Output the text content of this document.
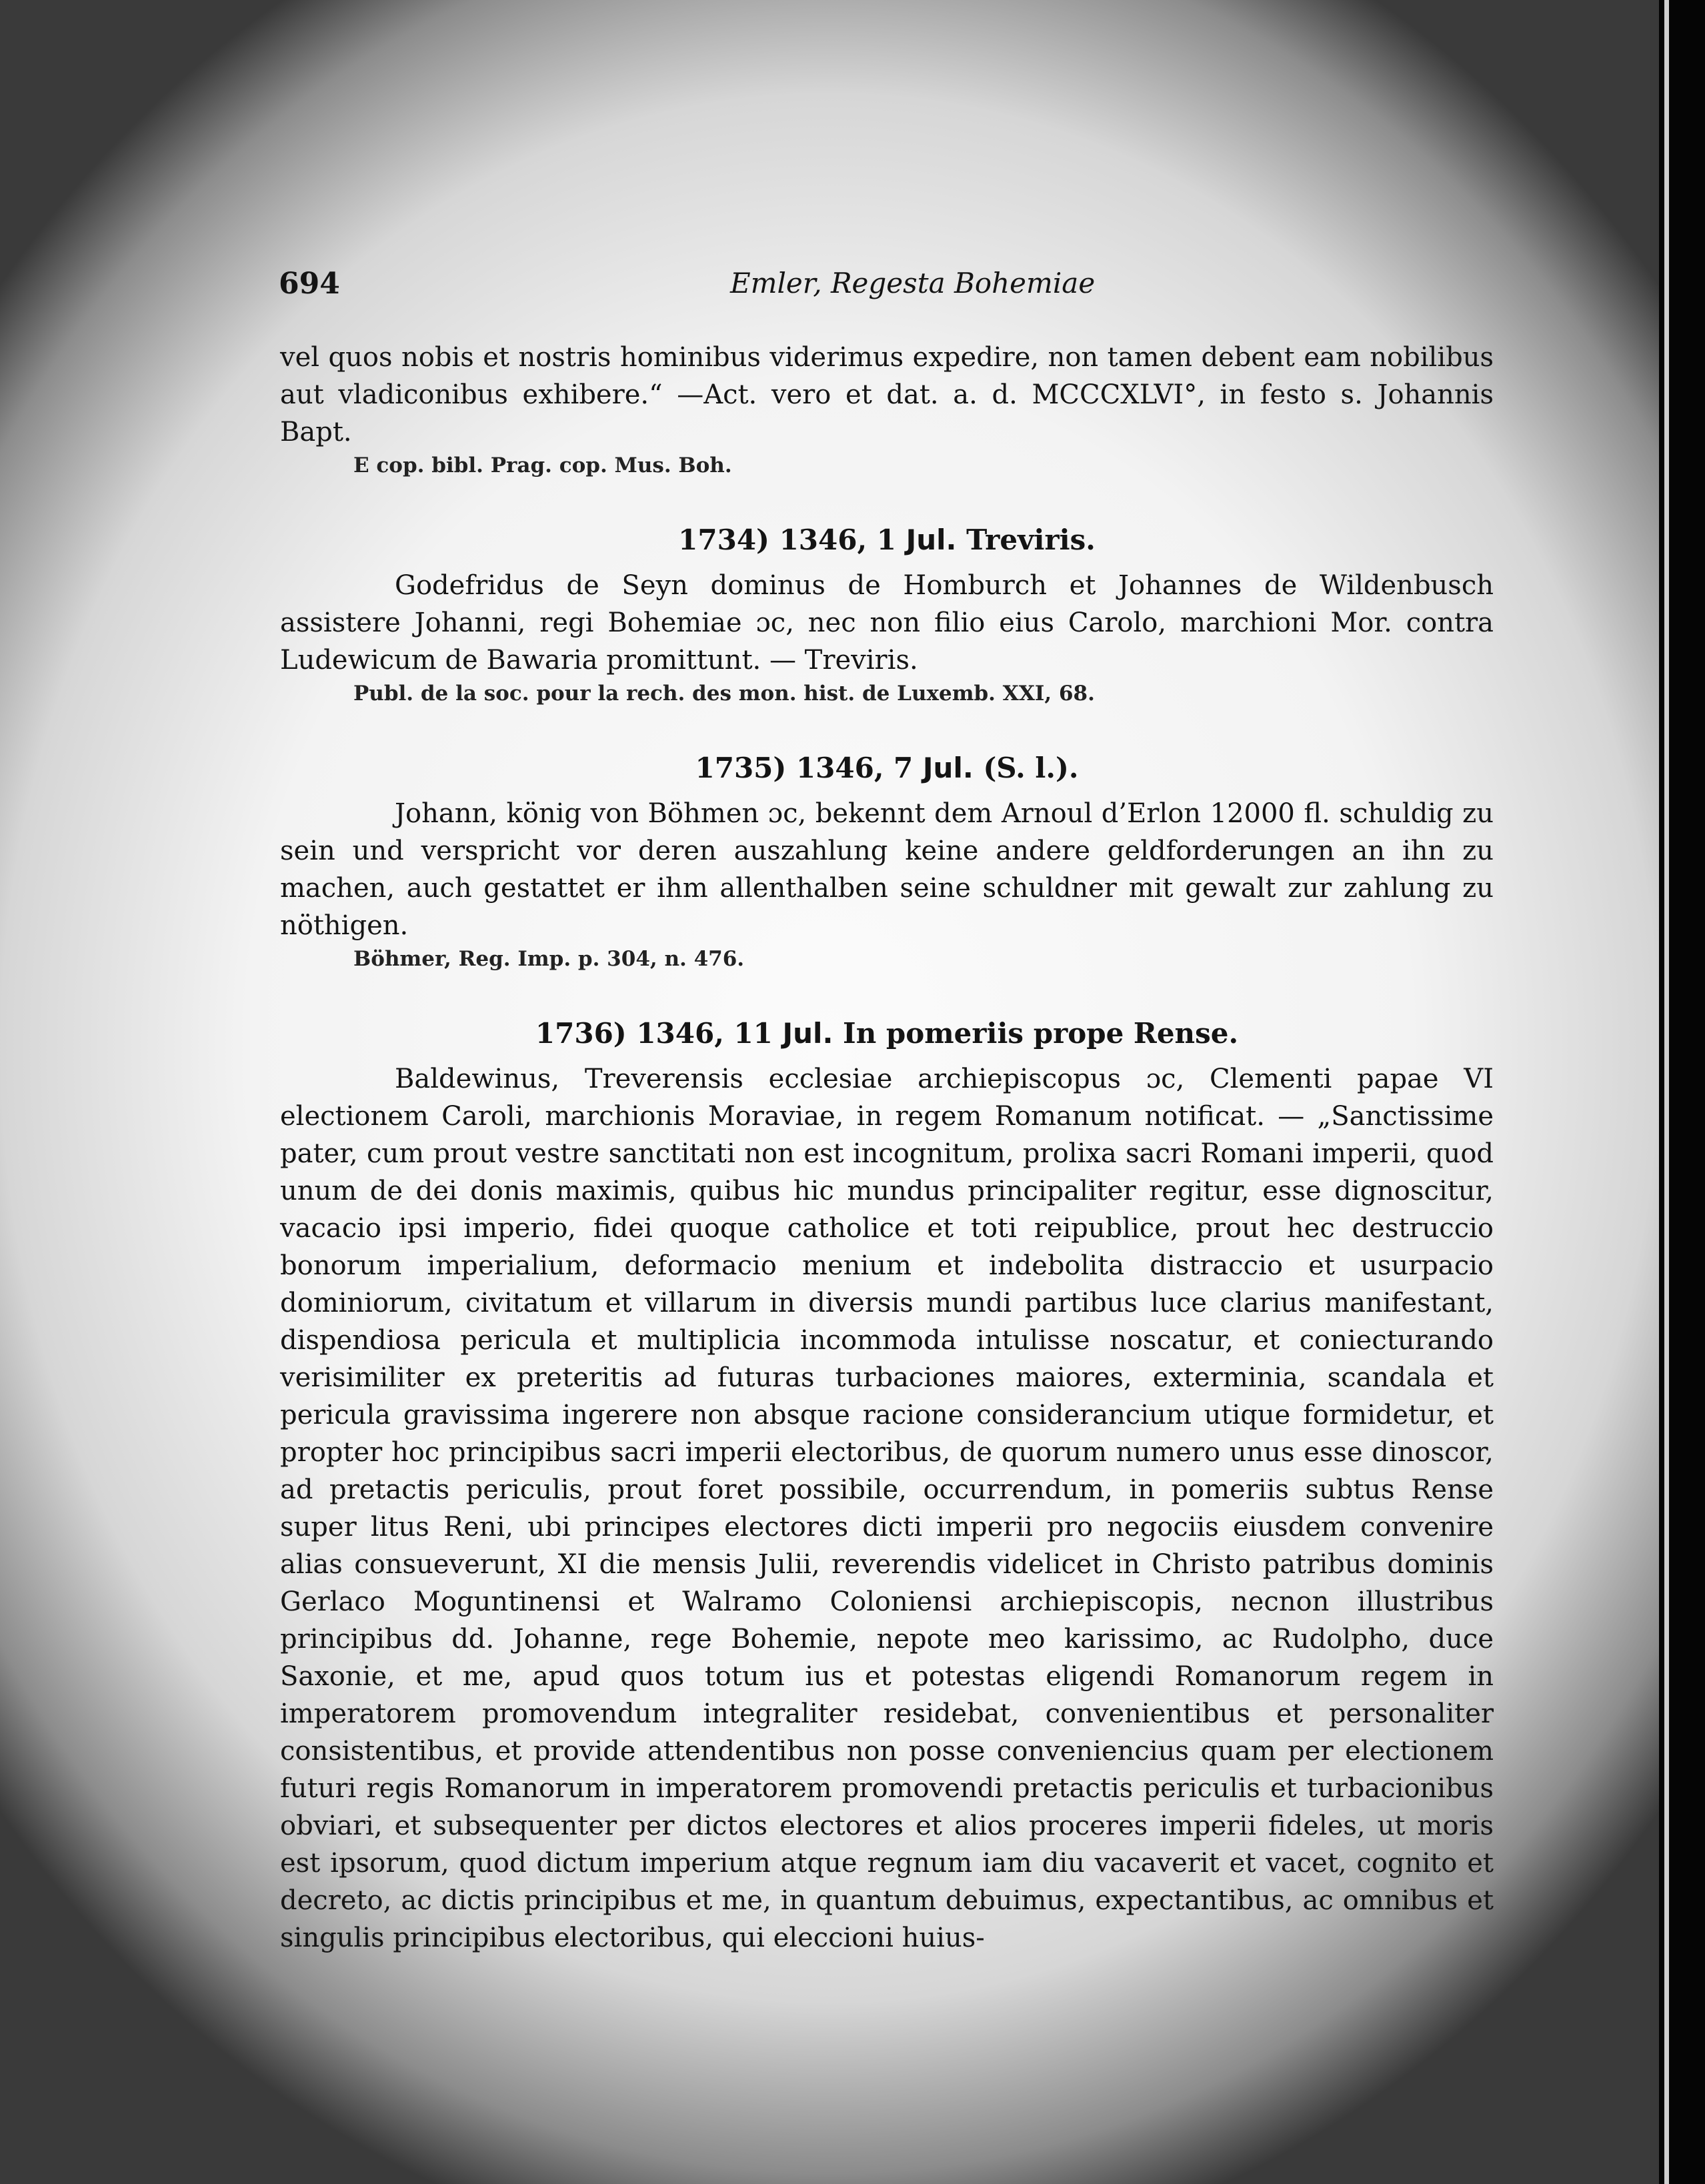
694	Emler, Regesta Bohemiae

vel quos nobis et nostris hominibus viderimus expedire, non tamen debent eam nobilibus aut vladiconibus exhibere.“ —Act. vero et dat. a. d. MCCCXLVI°, in festo s. Johannis Bapt.

E cop. bibl. Prag. cop. Mus. Boh.

1734) 1346, 1 Jul. Treviris.

Godefridus de Seyn dominus de Homburch et Johannes de Wildenbusch assistere Johanni, regi Bohemiae ɔc, nec non filio eius Carolo, marchioni Mor. contra Ludewicum de Bawaria promittunt. — Treviris.

Publ. de la soc. pour la rech. des mon. hist. de Luxemb. XXI, 68.

1735) 1346, 7 Jul. (S. l.).

Johann, könig von Böhmen ɔc, bekennt dem Arnoul d’Erlon 12000 fl. schuldig zu sein und verspricht vor deren auszahlung keine andere geldforderungen an ihn zu machen, auch gestattet er ihm allenthalben seine schuldner mit gewalt zur zahlung zu nöthigen.

Böhmer, Reg. Imp. p. 304, n. 476.

1736) 1346, 11 Jul. In pomeriis prope Rense.

Baldewinus, Treverensis ecclesiae archiepiscopus ɔc, Clementi papae VI electionem Caroli, marchionis Moraviae, in regem Romanum notificat. — „Sanctissime pater, cum prout vestre sanctitati non est incognitum, prolixa sacri Romani imperii, quod unum de dei donis maximis, quibus hic mundus principaliter regitur, esse dignoscitur, vacacio ipsi imperio, fidei quoque catholice et toti reipublice, prout hec destruccio bonorum imperialium, deformacio menium et indebolita distraccio et usurpacio dominiorum, civitatum et villarum in diversis mundi partibus luce clarius manifestant, dispendiosa pericula et multiplicia incommoda intulisse noscatur, et coniecturando verisimiliter ex preteritis ad futuras turbaciones maiores, exterminia, scandala et pericula gravissima ingerere non absque racione considerancium utique formidetur, et propter hoc principibus sacri imperii electoribus, de quorum numero unus esse dinoscor, ad pretactis periculis, prout foret possibile, occurrendum, in pomeriis subtus Rense super litus Reni, ubi principes electores dicti imperii pro negociis eiusdem convenire alias consueverunt, XI die mensis Julii, reverendis videlicet in Christo patribus dominis Gerlaco Moguntinensi et Walramo Coloniensi archiepiscopis, necnon illustribus principibus dd. Johanne, rege Bohemie, nepote meo karissimo, ac Rudolpho, duce Saxonie, et me, apud quos totum ius et potestas eligendi Romanorum regem in imperatorem promovendum integraliter residebat, convenientibus et personaliter consistentibus, et provide attendentibus non posse conveniencius quam per electionem futuri regis Romanorum in imperatorem promovendi pretactis periculis et turbacionibus obviari, et subsequenter per dictos electores et alios proceres imperii fideles, ut moris est ipsorum, quod dictum imperium atque regnum iam diu vacaverit et vacet, cognito et decreto, ac dictis principibus et me, in quantum debuimus, expectantibus, ac omnibus et singulis principibus electoribus, qui eleccioni huius-
